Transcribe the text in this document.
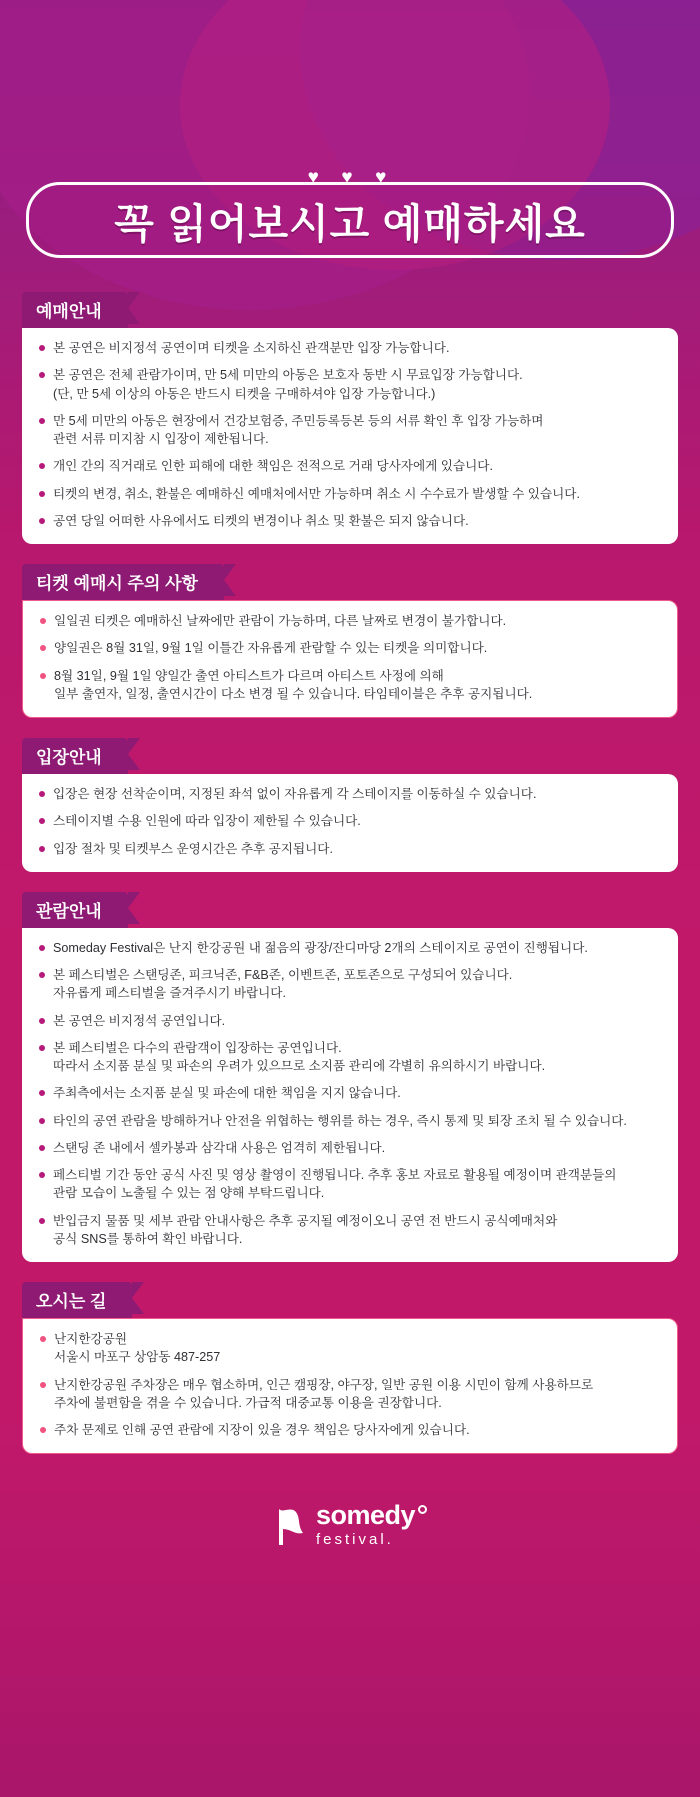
♥ ♥ ♥
꼭 읽어보시고 예매하세요
예매안내
본 공연은 비지정석 공연이며 티켓을 소지하신 관객분만 입장 가능합니다.
본 공연은 전체 관람가이며, 만 5세 미만의 아동은 보호자 동반 시 무료입장 가능합니다.
(단, 만 5세 이상의 아동은 반드시 티켓을 구매하셔야 입장 가능합니다.)
만 5세 미만의 아동은 현장에서 건강보험증, 주민등록등본 등의 서류 확인 후 입장 가능하며
관련 서류 미지참 시 입장이 제한됩니다.
개인 간의 직거래로 인한 피해에 대한 책임은 전적으로 거래 당사자에게 있습니다.
티켓의 변경, 취소, 환불은 예매하신 예매처에서만 가능하며 취소 시 수수료가 발생할 수 있습니다.
공연 당일 어떠한 사유에서도 티켓의 변경이나 취소 및 환불은 되지 않습니다.
티켓 예매시 주의 사항
일일권 티켓은 예매하신 날짜에만 관람이 가능하며, 다른 날짜로 변경이 불가합니다.
양일권은 8월 31일, 9월 1일 이틀간 자유롭게 관람할 수 있는 티켓을 의미합니다.
8월 31일, 9월 1일 양일간 출연 아티스트가 다르며 아티스트 사정에 의해
일부 출연자, 일정, 출연시간이 다소 변경 될 수 있습니다. 타임테이블은 추후 공지됩니다.
입장안내
입장은 현장 선착순이며, 지정된 좌석 없이 자유롭게 각 스테이지를 이동하실 수 있습니다.
스테이지별 수용 인원에 따라 입장이 제한될 수 있습니다.
입장 절차 및 티켓부스 운영시간은 추후 공지됩니다.
관람안내
Someday Festival은 난지 한강공원 내 젊음의 광장/잔디마당 2개의 스테이지로 공연이 진행됩니다.
본 페스티벌은 스탠딩존, 피크닉존, F&B존, 이벤트존, 포토존으로 구성되어 있습니다.
자유롭게 페스티벌을 즐겨주시기 바랍니다.
본 공연은 비지정석 공연입니다.
본 페스티벌은 다수의 관람객이 입장하는 공연입니다.
따라서 소지품 분실 및 파손의 우려가 있으므로 소지품 관리에 각별히 유의하시기 바랍니다.
주최측에서는 소지품 분실 및 파손에 대한 책임을 지지 않습니다.
타인의 공연 관람을 방해하거나 안전을 위협하는 행위를 하는 경우, 즉시 통제 및 퇴장 조치 될 수 있습니다.
스탠딩 존 내에서 셀카봉과 삼각대 사용은 엄격히 제한됩니다.
페스티벌 기간 동안 공식 사진 및 영상 촬영이 진행됩니다. 추후 홍보 자료로 활용될 예정이며 관객분들의
관람 모습이 노출될 수 있는 점 양해 부탁드립니다.
반입금지 물품 및 세부 관람 안내사항은 추후 공지될 예정이오니 공연 전 반드시 공식예매처와
공식 SNS를 통하여 확인 바랍니다.
오시는 길
난지한강공원
서울시 마포구 상암동 487-257
난지한강공원 주차장은 매우 협소하며, 인근 캠핑장, 야구장, 일반 공원 이용 시민이 함께 사용하므로
주차에 불편함을 겪을 수 있습니다. 가급적 대중교통 이용을 권장합니다.
주차 문제로 인해 공연 관람에 지장이 있을 경우 책임은 당사자에게 있습니다.
somedy
festival.
